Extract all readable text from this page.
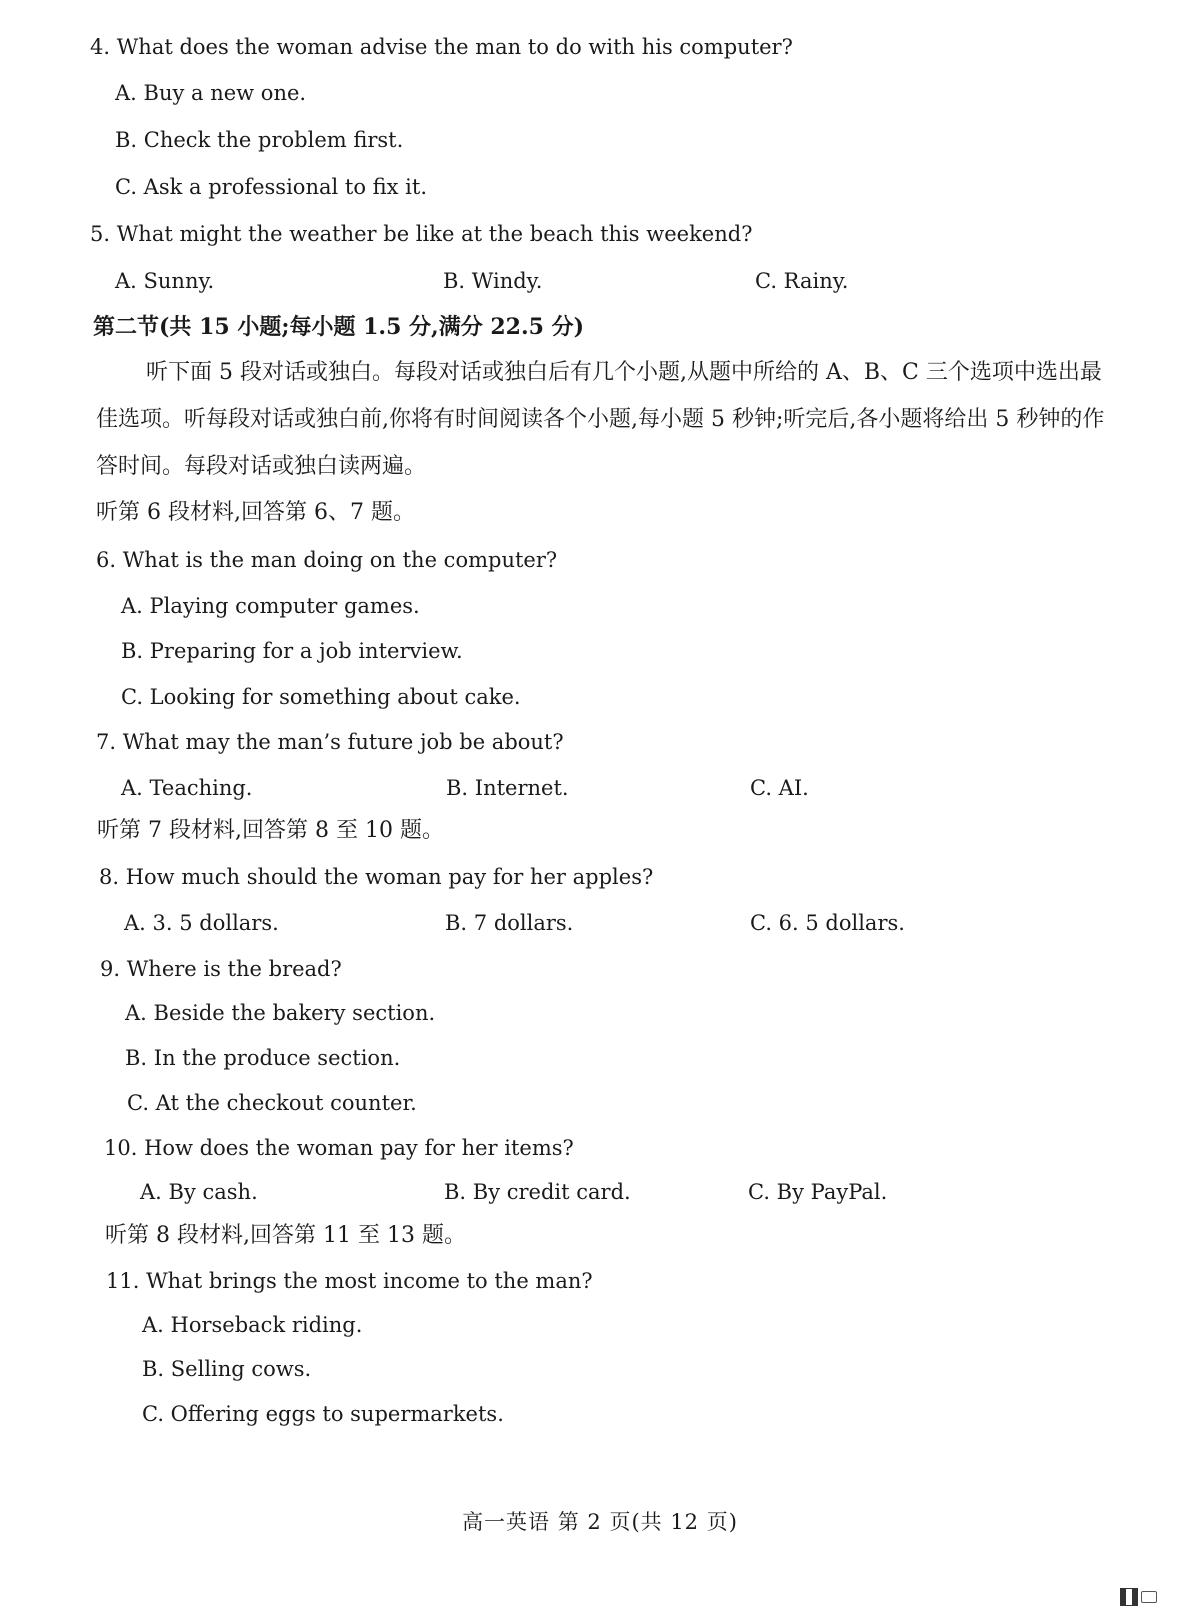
4. What does the woman advise the man to do with his computer?
A. Buy a new one.
B. Check the problem first.
C. Ask a professional to fix it.
5. What might the weather be like at the beach this weekend?
A. Sunny.	B. Windy.	C. Rainy.
第二节(共 15 小题;每小题 1.5 分,满分 22.5 分)
听下面 5 段对话或独白。每段对话或独白后有几个小题,从题中所给的 A、B、C 三个选项中选出最佳选项。听每段对话或独白前,你将有时间阅读各个小题,每小题 5 秒钟;听完后,各小题将给出 5 秒钟的作答时间。每段对话或独白读两遍。
听第 6 段材料,回答第 6、7 题。
6. What is the man doing on the computer?
A. Playing computer games.
B. Preparing for a job interview.
C. Looking for something about cake.
7. What may the man’s future job be about?
A. Teaching.	B. Internet.	C. AI.
听第 7 段材料,回答第 8 至 10 题。
8. How much should the woman pay for her apples?
A. 3. 5 dollars.	B. 7 dollars.	C. 6. 5 dollars.
9. Where is the bread?
A. Beside the bakery section.
B. In the produce section.
C. At the checkout counter.
10. How does the woman pay for her items?
A. By cash.	B. By credit card.	C. By PayPal.
听第 8 段材料,回答第 11 至 13 题。
11. What brings the most income to the man?
A. Horseback riding.
B. Selling cows.
C. Offering eggs to supermarkets.
高一英语 第 2 页(共 12 页)
